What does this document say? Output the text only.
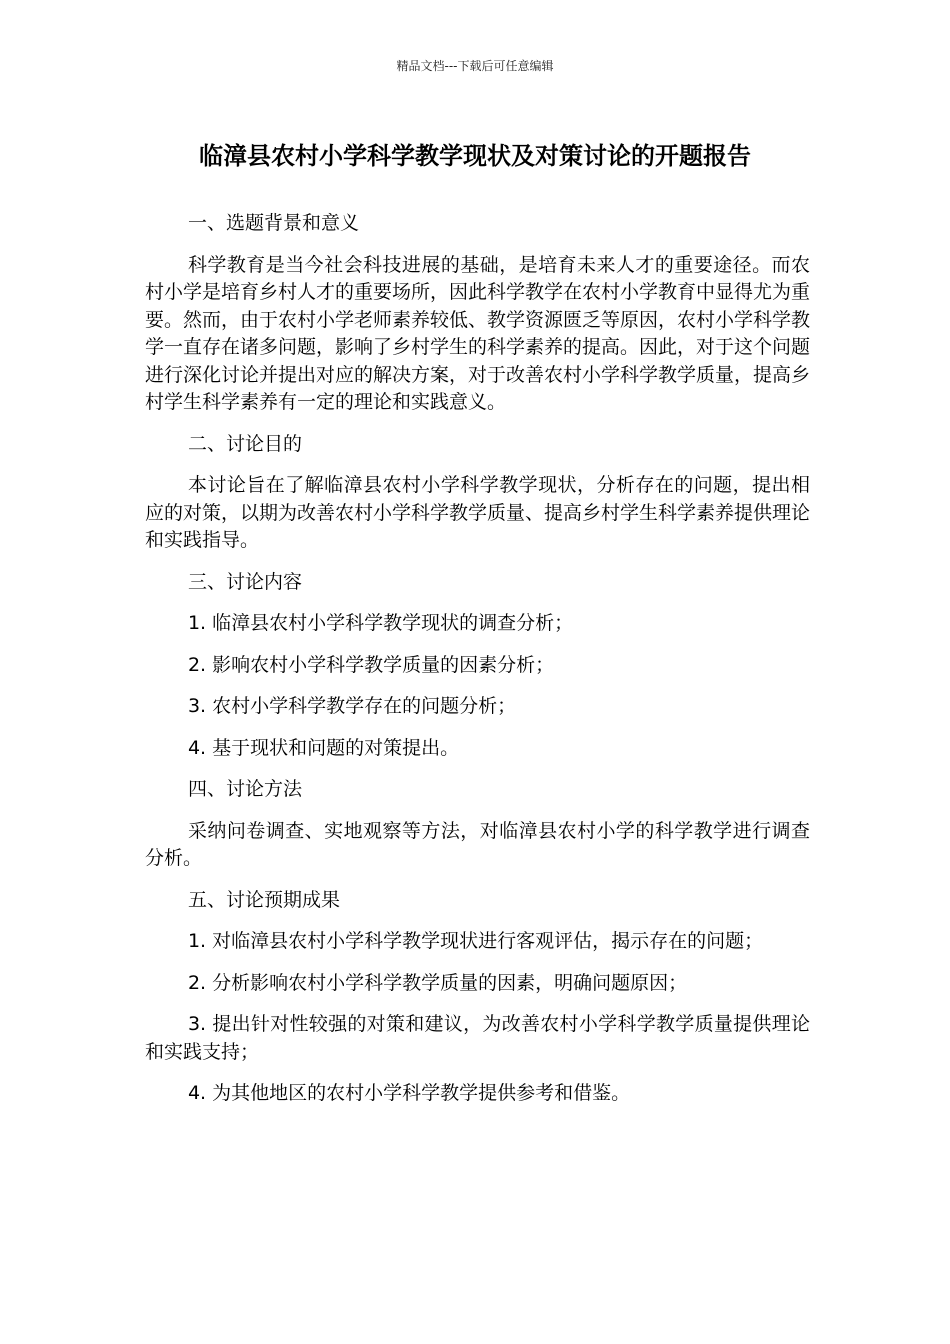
精品文档---下载后可任意编辑
临漳县农村小学科学教学现状及对策讨论的开题报告

一、选题背景和意义

科学教育是当今社会科技进展的基础，是培育未来人才的重要途径。而农村小学是培育乡村人才的重要场所，因此科学教学在农村小学教育中显得尤为重要。然而，由于农村小学老师素养较低、教学资源匮乏等原因，农村小学科学教学一直存在诸多问题，影响了乡村学生的科学素养的提高。因此，对于这个问题进行深化讨论并提出对应的解决方案，对于改善农村小学科学教学质量，提高乡村学生科学素养有一定的理论和实践意义。

二、讨论目的

本讨论旨在了解临漳县农村小学科学教学现状，分析存在的问题，提出相应的对策，以期为改善农村小学科学教学质量、提高乡村学生科学素养提供理论和实践指导。

三、讨论内容

1. 临漳县农村小学科学教学现状的调查分析；

2. 影响农村小学科学教学质量的因素分析；

3. 农村小学科学教学存在的问题分析；

4. 基于现状和问题的对策提出。

四、讨论方法

采纳问卷调查、实地观察等方法，对临漳县农村小学的科学教学进行调查分析。

五、讨论预期成果

1. 对临漳县农村小学科学教学现状进行客观评估，揭示存在的问题；

2. 分析影响农村小学科学教学质量的因素，明确问题原因；

3. 提出针对性较强的对策和建议，为改善农村小学科学教学质量提供理论和实践支持；

4. 为其他地区的农村小学科学教学提供参考和借鉴。
